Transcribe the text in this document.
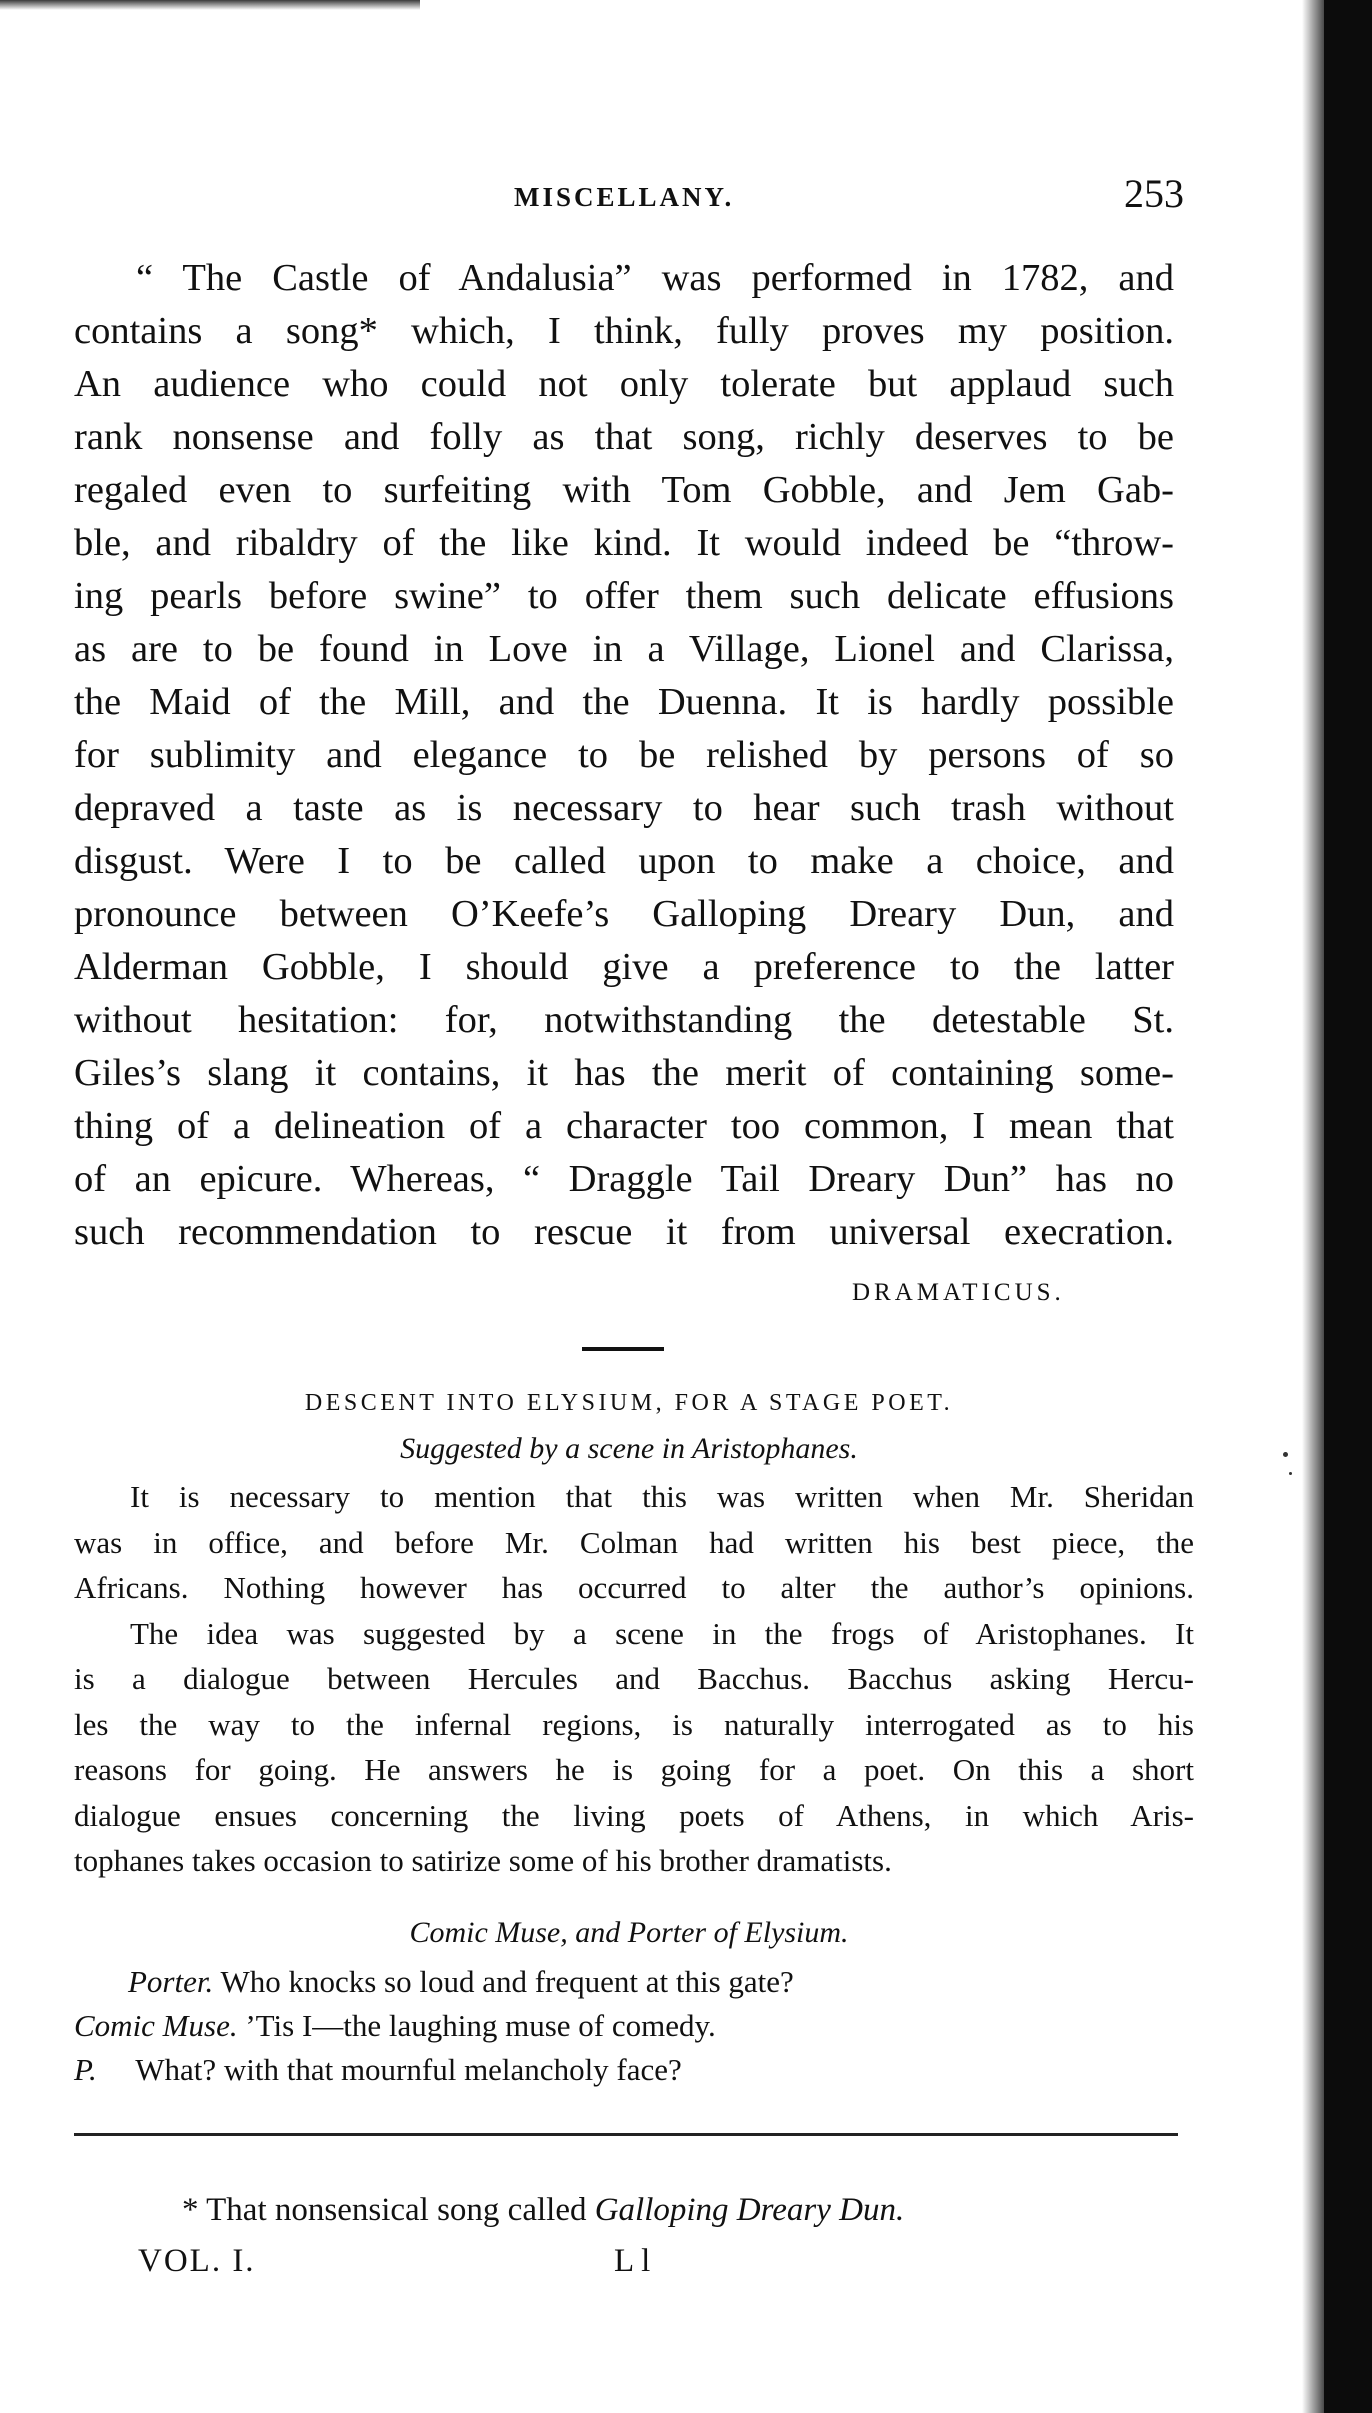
MISCELLANY.	253
“ The Castle of Andalusia” was performed in 1782, and
contains a song* which, I think, fully proves my position.
An audience who could not only tolerate but applaud such
rank nonsense and folly as that song, richly deserves to be
regaled even to surfeiting with Tom Gobble, and Jem Gab-
ble, and ribaldry of the like kind. It would indeed be “throw-
ing pearls before swine” to offer them such delicate effusions
as are to be found in Love in a Village, Lionel and Clarissa,
the Maid of the Mill, and the Duenna. It is hardly possible
for sublimity and elegance to be relished by persons of so
depraved a taste as is necessary to hear such trash without
disgust. Were I to be called upon to make a choice, and
pronounce between O’Keefe’s Galloping Dreary Dun, and
Alderman Gobble, I should give a preference to the latter
without hesitation: for, notwithstanding the detestable St.
Giles’s slang it contains, it has the merit of containing some-
thing of a delineation of a character too common, I mean that
of an epicure. Whereas, “ Draggle Tail Dreary Dun” has no
such recommendation to rescue it from universal execration.
DRAMATICUS.
DESCENT INTO ELYSIUM, FOR A STAGE POET.
Suggested by a scene in Aristophanes.
It is necessary to mention that this was written when Mr. Sheridan
was in office, and before Mr. Colman had written his best piece, the
Africans. Nothing however has occurred to alter the author’s opinions.
The idea was suggested by a scene in the frogs of Aristophanes. It
is a dialogue between Hercules and Bacchus. Bacchus asking Hercu-
les the way to the infernal regions, is naturally interrogated as to his
reasons for going. He answers he is going for a poet. On this a short
dialogue ensues concerning the living poets of Athens, in which Aris-
tophanes takes occasion to satirize some of his brother dramatists.
Comic Muse, and Porter of Elysium.
Porter. Who knocks so loud and frequent at this gate?
Comic Muse. ’Tis I—the laughing muse of comedy.
P. What? with that mournful melancholy face?
* That nonsensical song called Galloping Dreary Dun.
VOL. I.	L l
